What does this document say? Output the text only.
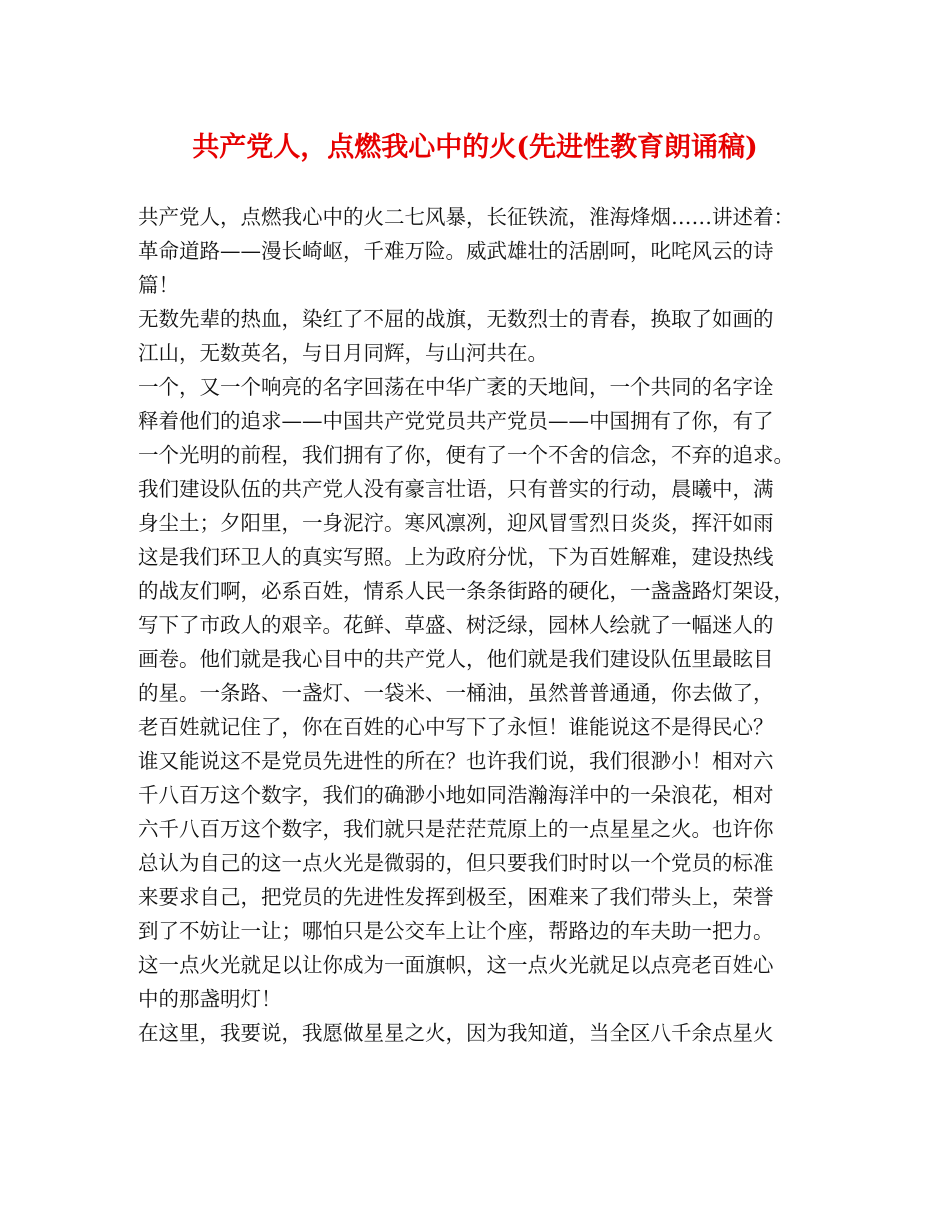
共产党人，点燃我心中的火(先进性教育朗诵稿)
共产党人，点燃我心中的火二七风暴，长征铁流，淮海烽烟……讲述着：
革命道路——漫长崎岖，千难万险。威武雄壮的活剧呵，叱咤风云的诗
篇！
无数先辈的热血，染红了不屈的战旗，无数烈士的青春，换取了如画的
江山，无数英名，与日月同辉，与山河共在。
一个，又一个响亮的名字回荡在中华广袤的天地间，一个共同的名字诠
释着他们的追求——中国共产党党员共产党员——中国拥有了你，有了
一个光明的前程，我们拥有了你，便有了一个不舍的信念，不弃的追求。
我们建设队伍的共产党人没有豪言壮语，只有普实的行动，晨曦中，满
身尘土；夕阳里，一身泥泞。寒风凛冽，迎风冒雪烈日炎炎，挥汗如雨
这是我们环卫人的真实写照。上为政府分忧，下为百姓解难，建设热线
的战友们啊，必系百姓，情系人民一条条街路的硬化，一盏盏路灯架设，
写下了市政人的艰辛。花鲜、草盛、树泛绿，园林人绘就了一幅迷人的
画卷。他们就是我心目中的共产党人，他们就是我们建设队伍里最眩目
的星。一条路、一盏灯、一袋米、一桶油，虽然普普通通，你去做了，
老百姓就记住了，你在百姓的心中写下了永恒！谁能说这不是得民心？
谁又能说这不是党员先进性的所在？也许我们说，我们很渺小！相对六
千八百万这个数字，我们的确渺小地如同浩瀚海洋中的一朵浪花，相对
六千八百万这个数字，我们就只是茫茫荒原上的一点星星之火。也许你
总认为自己的这一点火光是微弱的，但只要我们时时以一个党员的标准
来要求自己，把党员的先进性发挥到极至，困难来了我们带头上，荣誉
到了不妨让一让；哪怕只是公交车上让个座，帮路边的车夫助一把力。
这一点火光就足以让你成为一面旗帜，这一点火光就足以点亮老百姓心
中的那盏明灯！
在这里，我要说，我愿做星星之火，因为我知道，当全区八千余点星火
